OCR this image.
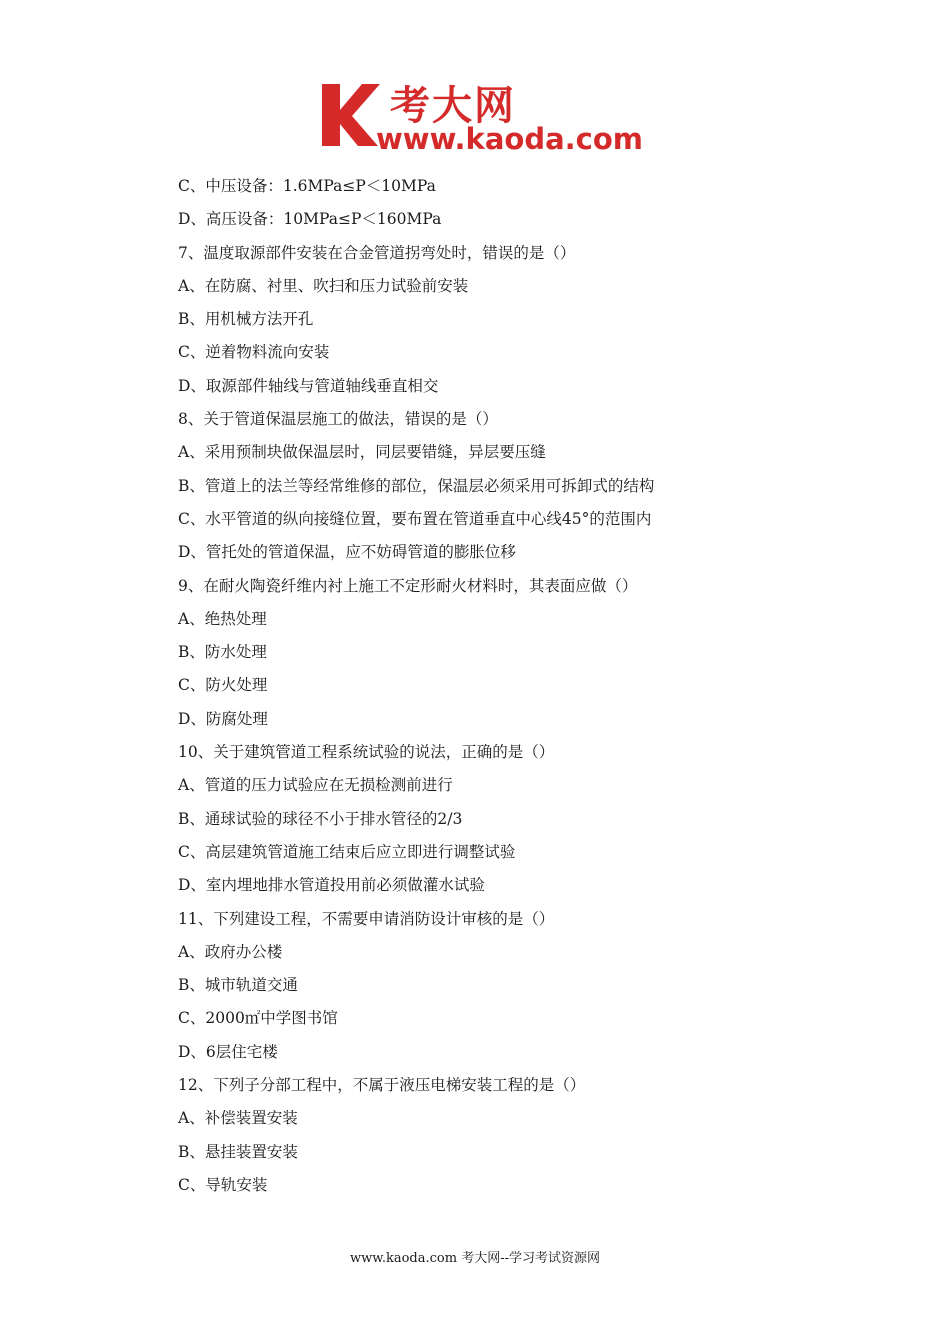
考大网
www.kaoda.com
C、中压设备：1.6MPa≤P＜10MPa
D、高压设备：10MPa≤P＜160MPa
7、温度取源部件安装在合金管道拐弯处时，错误的是（）
A、在防腐、衬里、吹扫和压力试验前安装
B、用机械方法开孔
C、逆着物料流向安装
D、取源部件轴线与管道轴线垂直相交
8、关于管道保温层施工的做法，错误的是（）
A、采用预制块做保温层时，同层要错缝，异层要压缝
B、管道上的法兰等经常维修的部位，保温层必须采用可拆卸式的结构
C、水平管道的纵向接缝位置，要布置在管道垂直中心线45°的范围内
D、管托处的管道保温，应不妨碍管道的膨胀位移
9、在耐火陶瓷纤维内衬上施工不定形耐火材料时，其表面应做（）
A、绝热处理
B、防水处理
C、防火处理
D、防腐处理
10、关于建筑管道工程系统试验的说法，正确的是（）
A、管道的压力试验应在无损检测前进行
B、通球试验的球径不小于排水管径的2/3
C、高层建筑管道施工结束后应立即进行调整试验
D、室内埋地排水管道投用前必须做灌水试验
11、下列建设工程，不需要申请消防设计审核的是（）
A、政府办公楼
B、城市轨道交通
C、2000㎡中学图书馆
D、6层住宅楼
12、下列子分部工程中，不属于液压电梯安装工程的是（）
A、补偿装置安装
B、悬挂装置安装
C、导轨安装
www.kaoda.com 考大网--学习考试资源网
